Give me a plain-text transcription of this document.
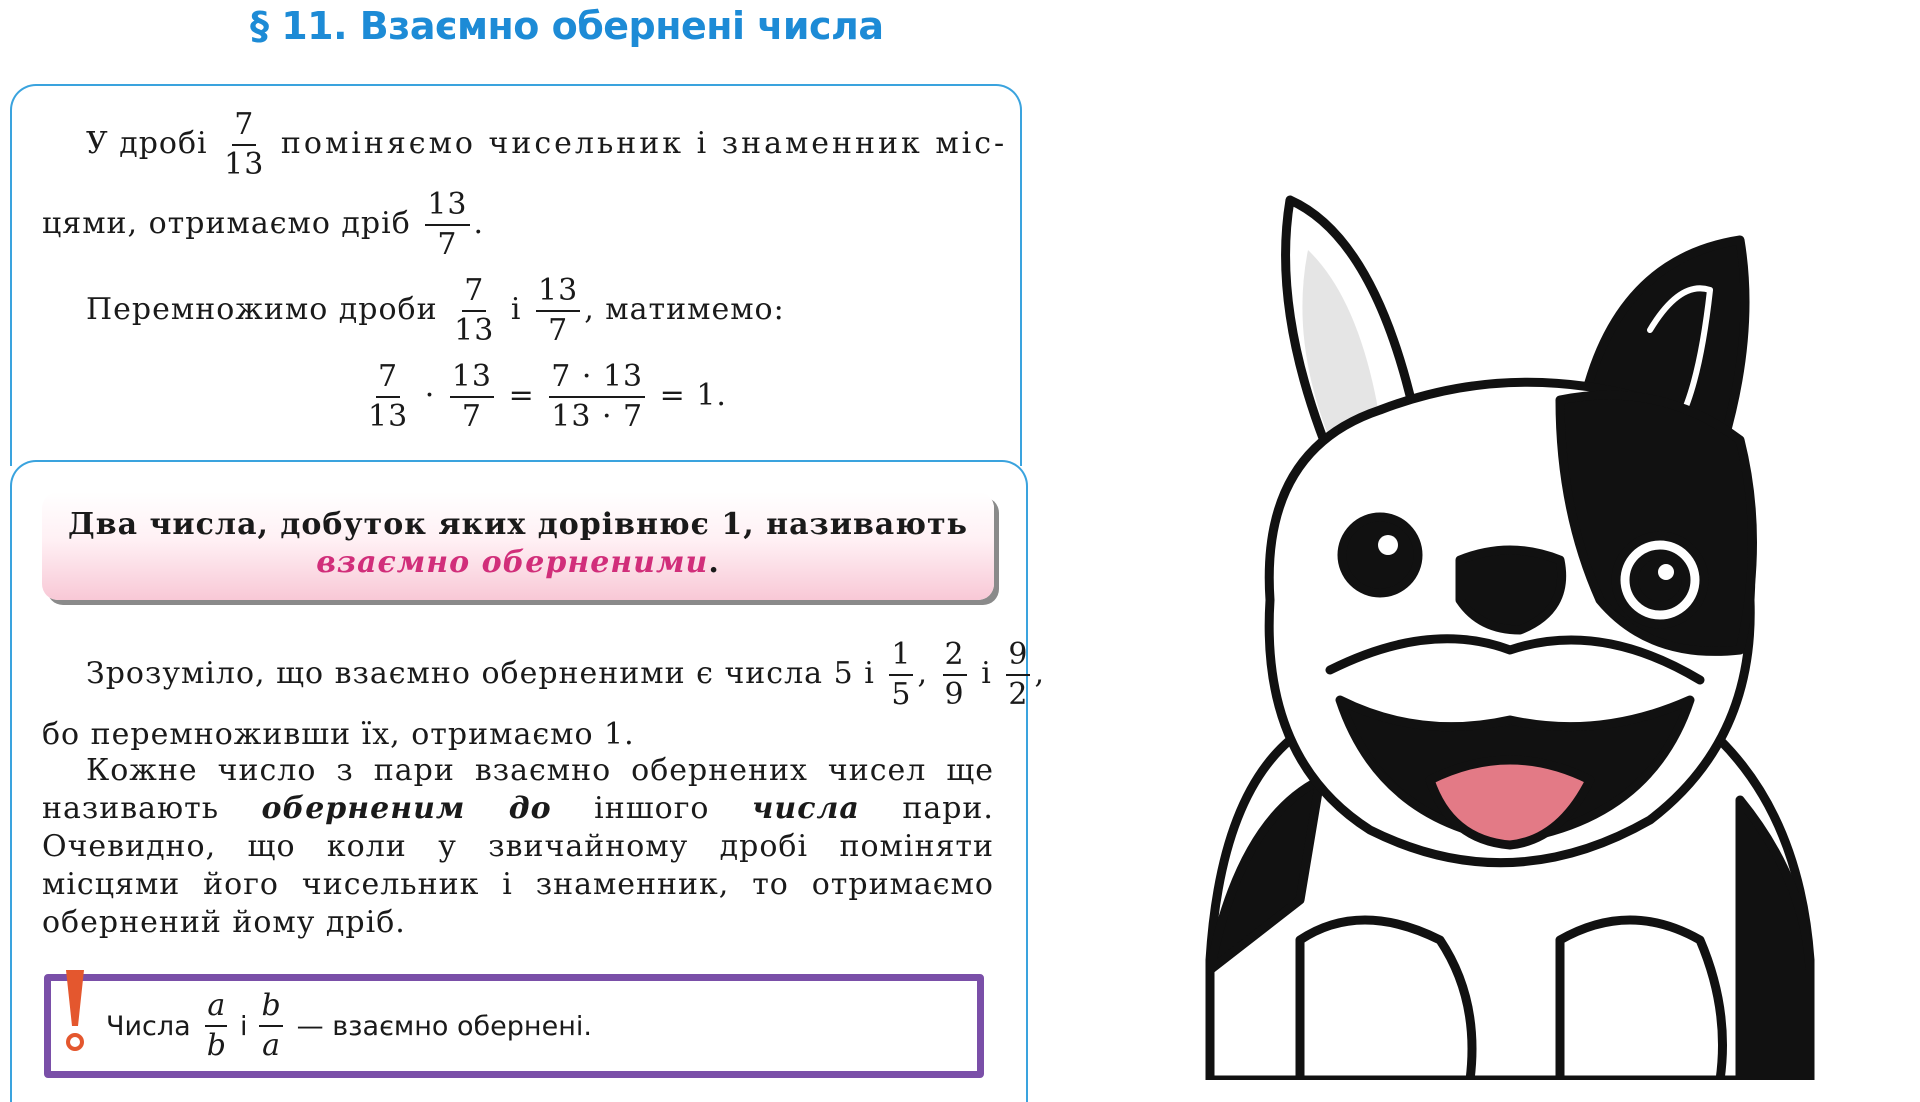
§ 11. Взаємно обернені числа
У дробі $\frac{7}{13}$ поміняємо чисельник і знаменник міс-
цями, отримаємо дріб $\frac{13}{7}$ .
Перемножимо дроби $\frac{7}{13}$ і $\frac{13}{7}$ , матимемо:
$\frac{7}{13} \cdot \frac{13}{7} = \frac{7 \cdot 13}{13 \cdot 7} = 1$.
Два числа, добуток яких дорівнює 1, називають
взаємно оберненими.
Зрозуміло, що взаємно оберненими є числа 5 і $\frac{1}{5}$ , $\frac{2}{9}$ і $\frac{9}{2}$ ,
бо перемноживши їх, отримаємо 1.
Кожне число з пари взаємно обернених чисел ще називають оберненим до іншого числа пари. Очевидно, що коли у звичайному дробі поміняти місцями його чисельник і знаменник, то отримаємо обернений йому дріб.
Числа $\frac{a}{b}$ і $\frac{b}{a}$ — взаємно обернені.
